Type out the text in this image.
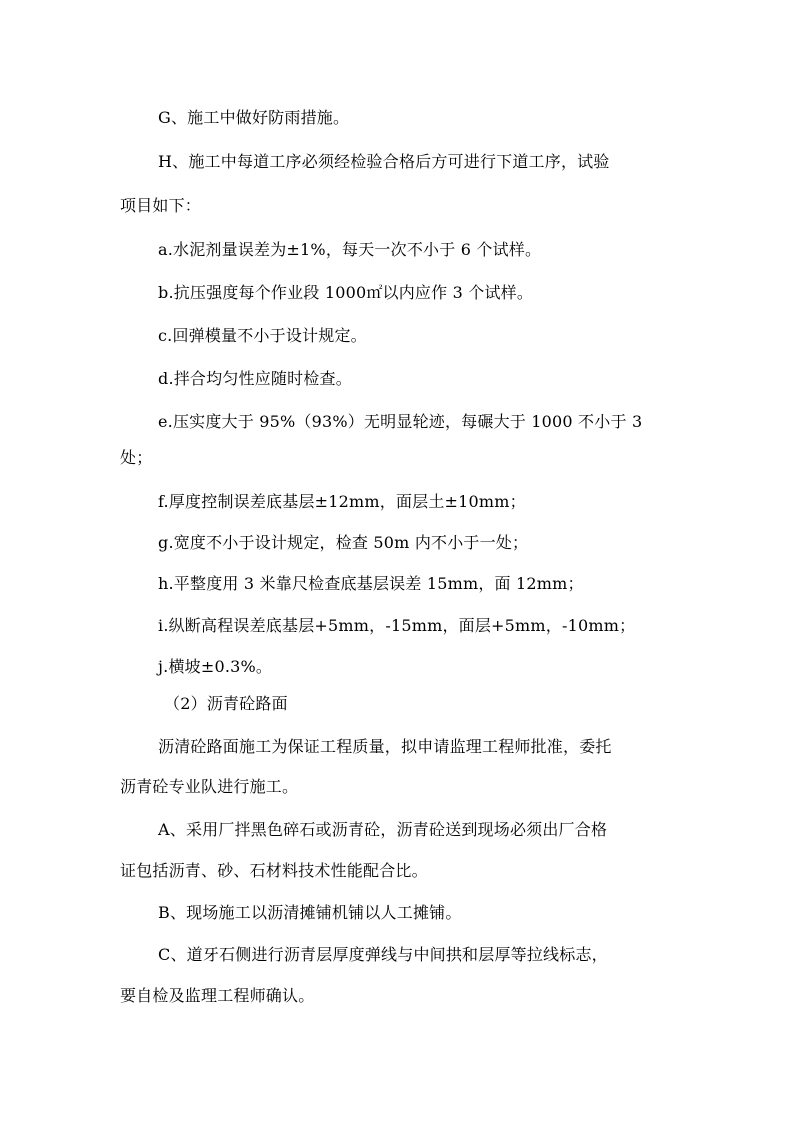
G、施工中做好防雨措施。
H、施工中每道工序必须经检验合格后方可进行下道工序，试验
项目如下：
a.水泥剂量误差为±1%，每天一次不小于 6 个试样。
b.抗压强度每个作业段 1000㎡以内应作 3 个试样。
c.回弹模量不小于设计规定。
d.拌合均匀性应随时检查。
e.压实度大于 95%（93%）无明显轮迹，每碾大于 1000 不小于 3
处；
f.厚度控制误差底基层±12mm，面层土±10mm；
g.宽度不小于设计规定，检查 50m 内不小于一处；
h.平整度用 3 米靠尺检查底基层误差 15mm，面 12mm；
i.纵断高程误差底基层+5mm，-15mm，面层+5mm，-10mm；
j.横坡±0.3%。
（2）沥青砼路面
沥清砼路面施工为保证工程质量，拟申请监理工程师批准，委托
沥青砼专业队进行施工。
A、采用厂拌黑色碎石或沥青砼，沥青砼送到现场必须出厂合格
证包括沥青、砂、石材料技术性能配合比。
B、现场施工以沥清摊铺机铺以人工摊铺。
C、道牙石侧进行沥青层厚度弹线与中间拱和层厚等拉线标志，
要自检及监理工程师确认。
